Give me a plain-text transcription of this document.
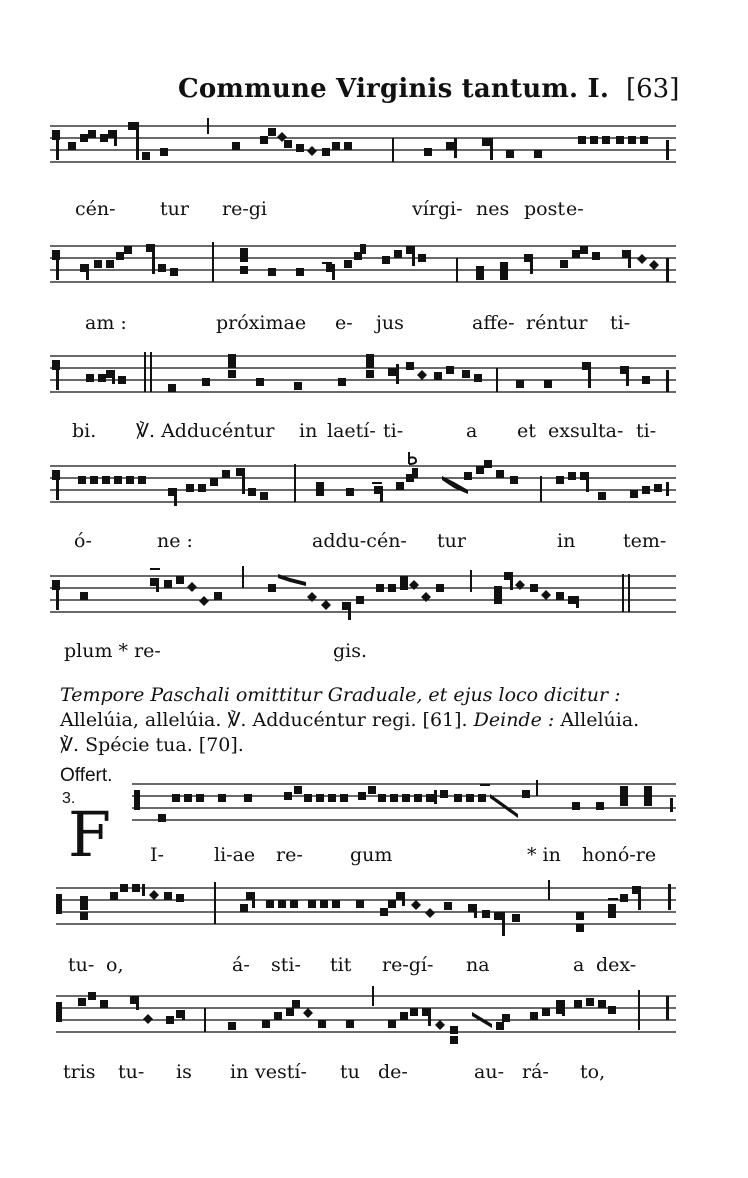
Commune Virginis tantum. I. [63]
cén- tur re-gi	vírgi- nes post e-
am :	próximae e- jus	affe- réntur ti-
bi. ℣. Adducéntur in laetí- ti-	a et exsulta- ti-
ó-	ne :	addu-cén- tur	in	tem-
plum * re-	gis.
Tempore Paschali omittitur Graduale, et ejus loco dicitur :
Allelúia, allelúia. ℣. Adducéntur regi. [61]. Deinde : Allelúia.
℣. Spécie tua. [70].
Offert.
3.
F I-	li-ae re- gum	* in honó-re
tu- o,	á- sti- tit re-gí- na	a dex-
tris tu- is in vestí- tu de-	au- rá- to,
